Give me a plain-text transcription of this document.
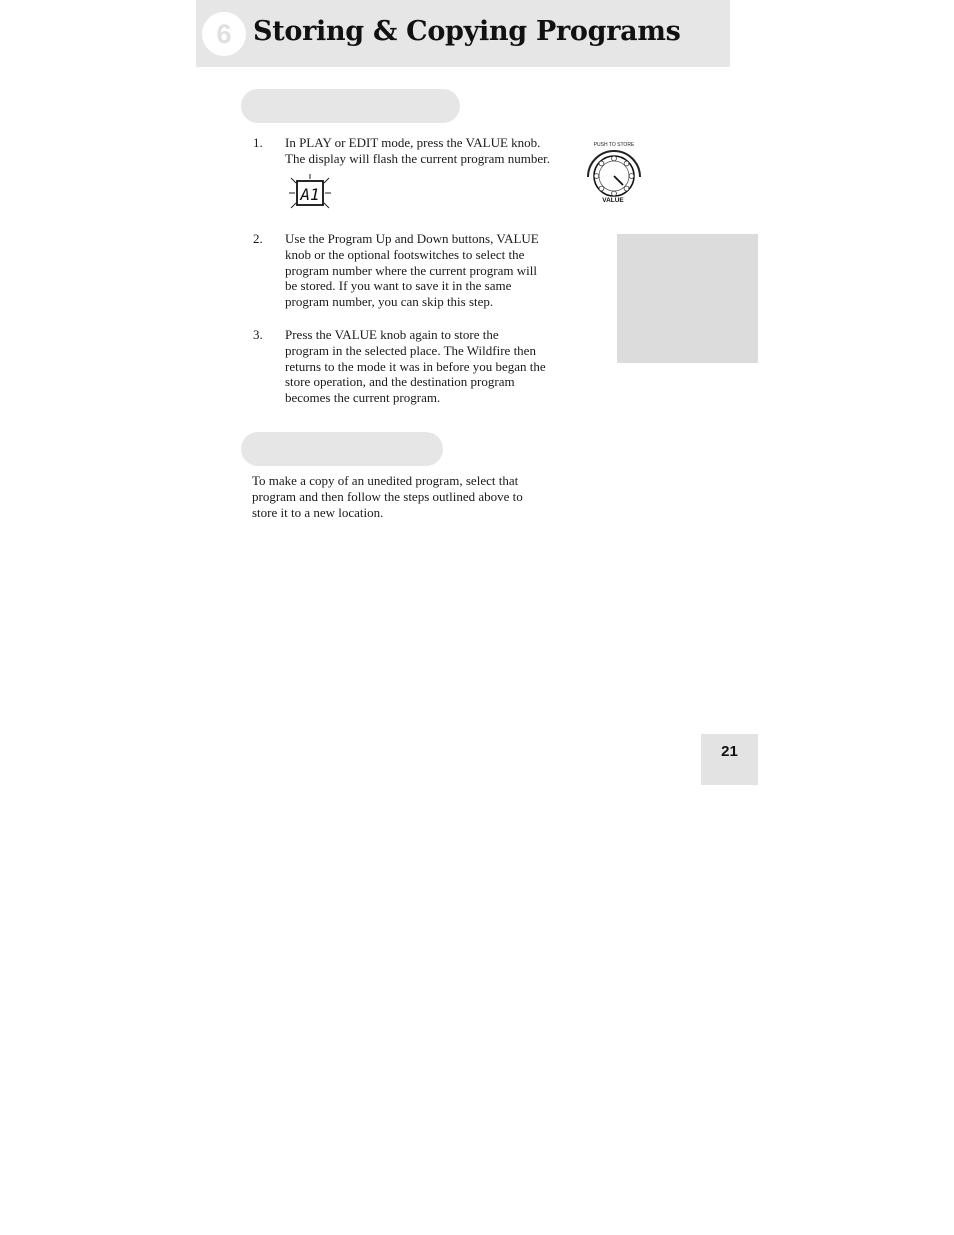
6 Storing & Copying Programs
1. In PLAY or EDIT mode, press the VALUE knob.
The display will flash the current program number.
A1
PUSH TO STORE
VALUE
2. Use the Program Up and Down buttons, VALUE
knob or the optional footswitches to select the
program number where the current program will
be stored. If you want to save it in the same
program number, you can skip this step.
3. Press the VALUE knob again to store the
program in the selected place. The Wildfire then
returns to the mode it was in before you began the
store operation, and the destination program
becomes the current program.
To make a copy of an unedited program, select that
program and then follow the steps outlined above to
store it to a new location.
21
